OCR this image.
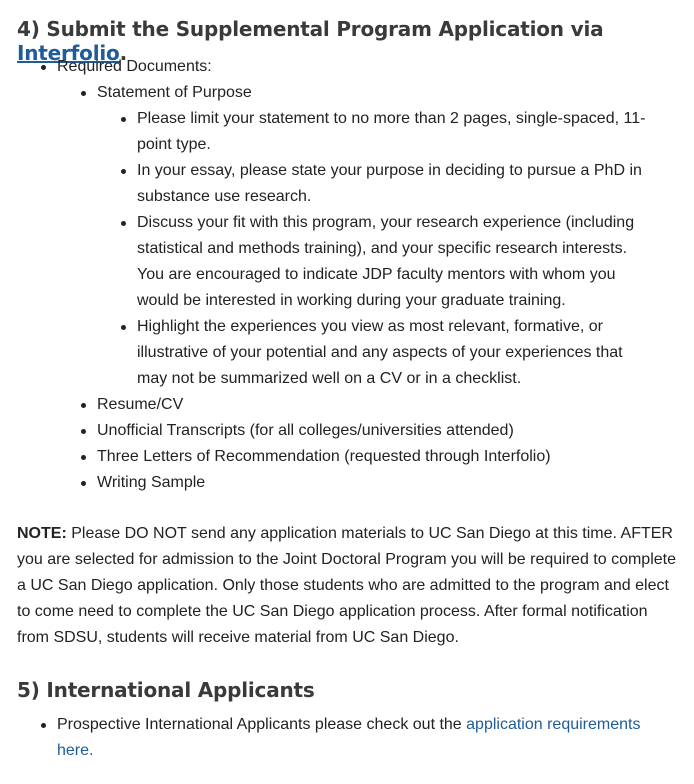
4) Submit the Supplemental Program Application via Interfolio.
Required Documents:
Statement of Purpose
Please limit your statement to no more than 2 pages, single-spaced, 11-point type.
In your essay, please state your purpose in deciding to pursue a PhD in substance use research.
Discuss your fit with this program, your research experience (including statistical and methods training), and your specific research interests. You are encouraged to indicate JDP faculty mentors with whom you would be interested in working during your graduate training.
Highlight the experiences you view as most relevant, formative, or illustrative of your potential and any aspects of your experiences that may not be summarized well on a CV or in a checklist.
Resume/CV
Unofficial Transcripts (for all colleges/universities attended)
Three Letters of Recommendation (requested through Interfolio)
Writing Sample

NOTE: Please DO NOT send any application materials to UC San Diego at this time. AFTER you are selected for admission to the Joint Doctoral Program you will be required to complete a UC San Diego application. Only those students who are admitted to the program and elect to come need to complete the UC San Diego application process. After formal notification from SDSU, students will receive material from UC San Diego.

5) International Applicants
Prospective International Applicants please check out the application requirements here.
